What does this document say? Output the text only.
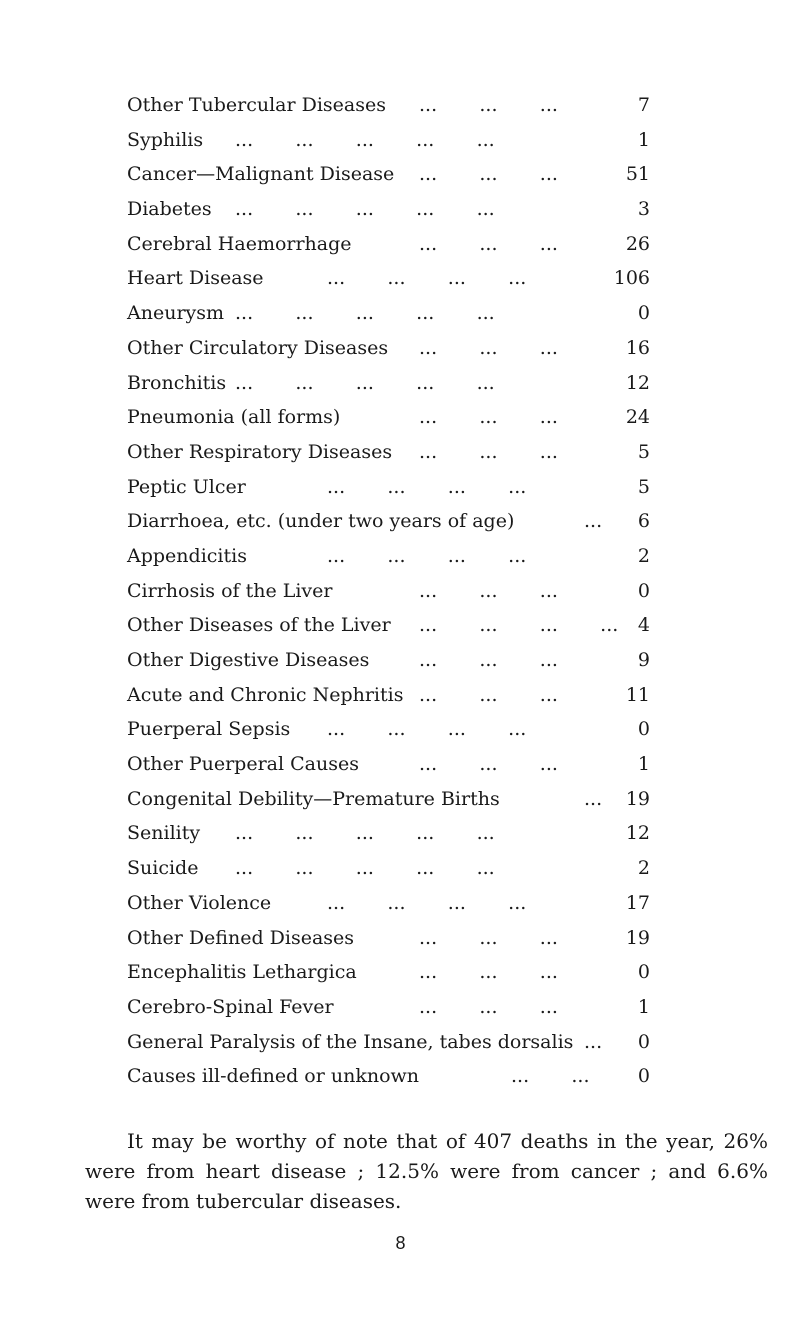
Other Tubercular Diseases ...       ...       ...	7
Syphilis ...       ...       ...       ...       ...	1
Cancer—Malignant Disease ...       ...       ...	51
Diabetes ...       ...       ...       ...       ...	3
Cerebral Haemorrhage	...       ...       ...	26
Heart Disease	...       ...       ...       ...	106
Aneurysm ...       ...       ...       ...       ...	0
Other Circulatory Diseases ...       ...       ...	16
Bronchitis ...       ...       ...       ...       ...	12
Pneumonia (all forms)	...       ...       ...	24
Other Respiratory Diseases ...       ...       ...	5
Peptic Ulcer	...       ...       ...       ...	5
Diarrhoea, etc. (under two years of age)	...	6
Appendicitis	...       ...       ...       ...	2
Cirrhosis of the Liver	...       ...       ...	0
Other Diseases of the Liver ...       ...       ...       ...	4
Other Digestive Diseases	...       ...       ...	9
Acute and Chronic Nephritis ...       ...       ...	11
Puerperal Sepsis ...       ...       ...       ...	0
Other Puerperal Causes	...       ...       ...	1
Congenital Debility—Premature Births	...	19
Senility ...       ...       ...       ...       ...	12
Suicide ...       ...       ...       ...       ...	2
Other Violence	...       ...       ...       ...	17
Other Defined Diseases	...       ...       ...	19
Encephalitis Lethargica	...       ...       ...	0
Cerebro-Spinal Fever	...       ...       ...	1
General Paralysis of the Insane, tabes dorsalis ...	0
Causes ill-defined or unknown	...       ...	0

It may be worthy of note that of 407 deaths in the year, 26% were from heart disease ; 12.5% were from cancer ; and 6.6% were from tubercular diseases.

8
